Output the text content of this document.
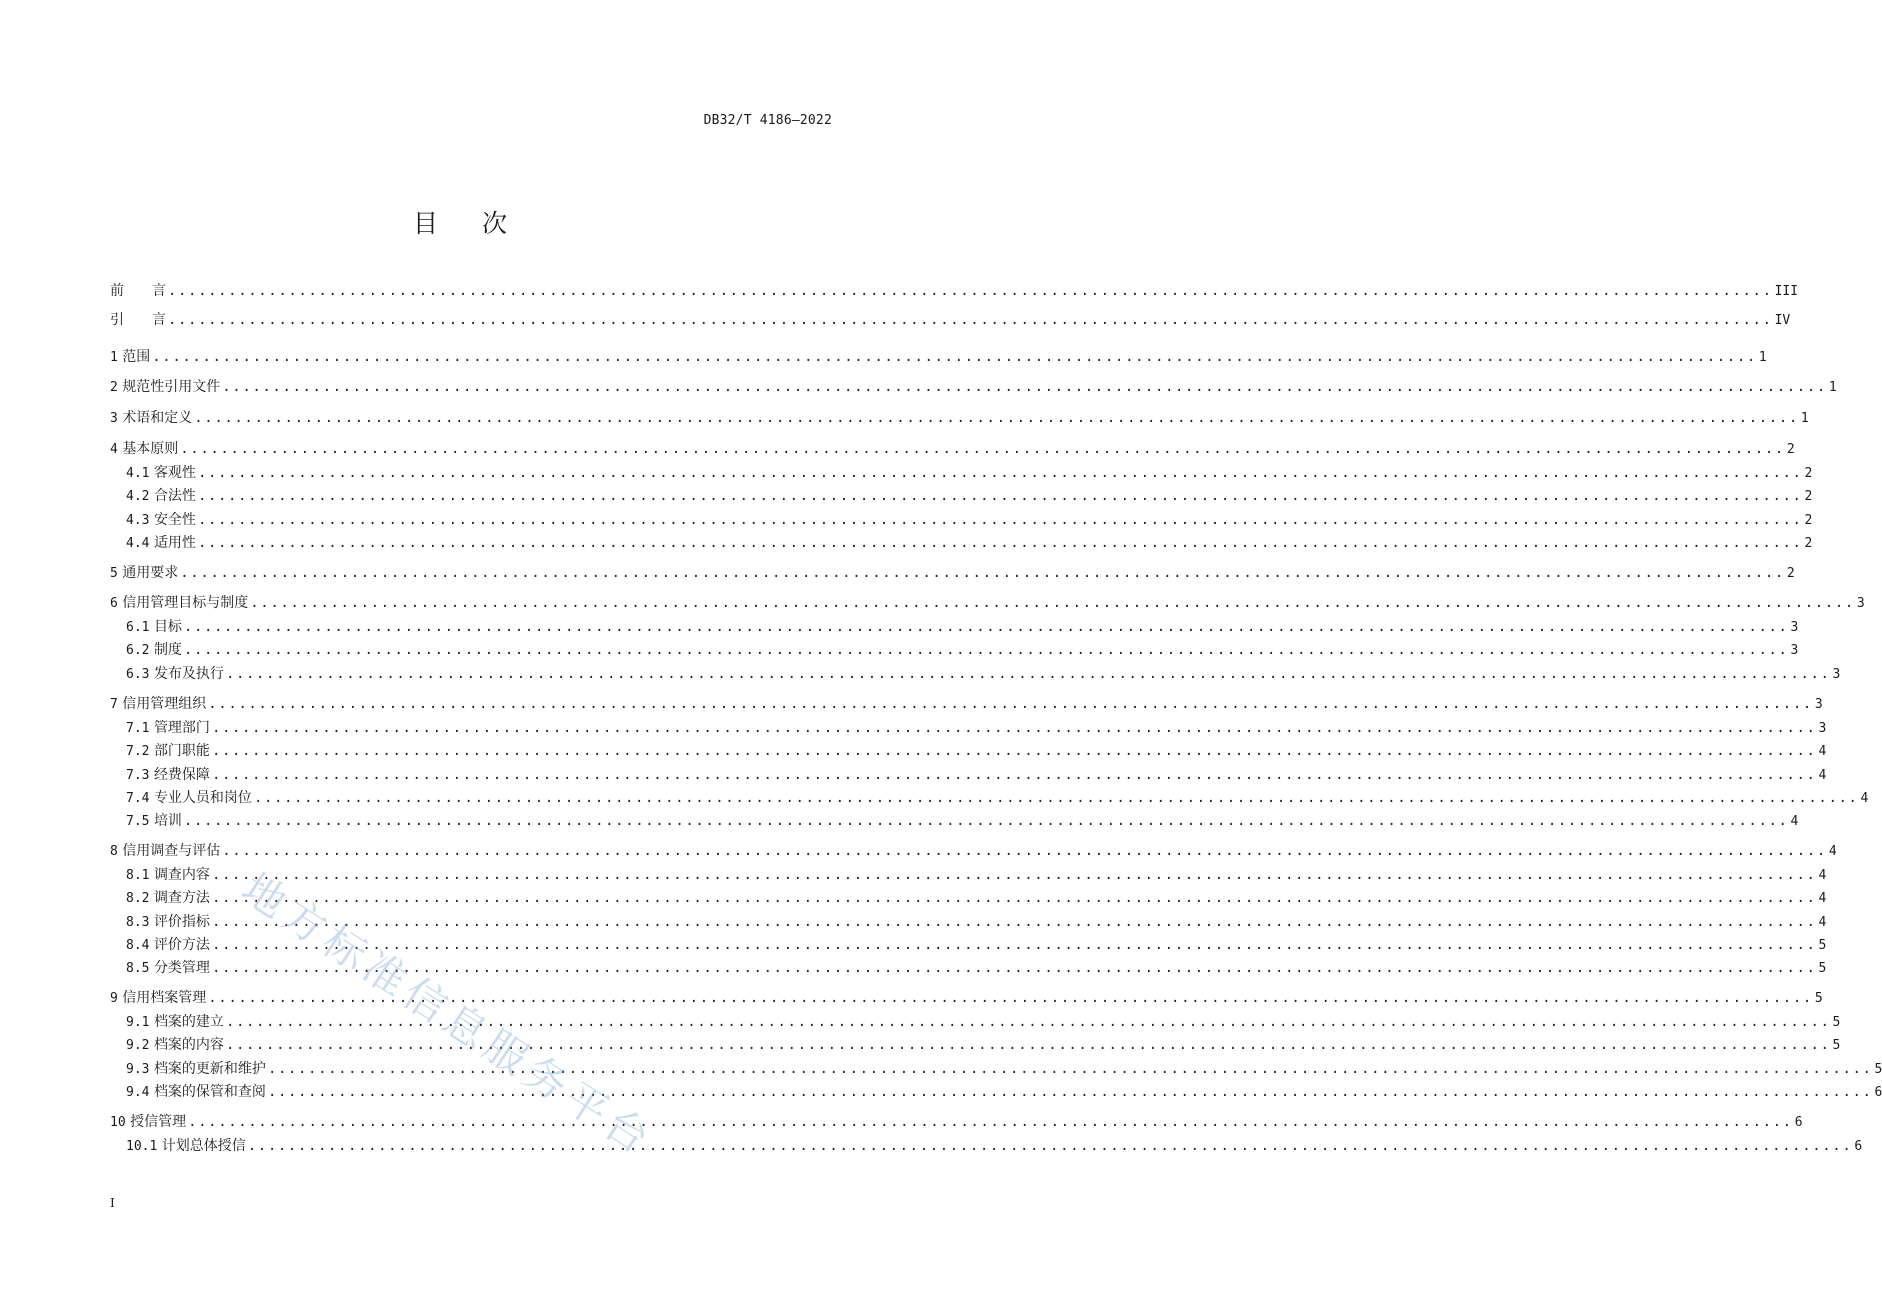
DB32/T 4186—2022
目 次
前　　言 ................................................................................................................................................................ III
引　　言 ................................................................................................................................................................ IV
1 范围 ................................................................................................................................................................ 1
2 规范性引用文件 ................................................................................................................................................................ 1
3 术语和定义 ................................................................................................................................................................ 1
4 基本原则 ................................................................................................................................................................ 2
4.1 客观性 ................................................................................................................................................................ 2
4.2 合法性 ................................................................................................................................................................ 2
4.3 安全性 ................................................................................................................................................................ 2
4.4 适用性 ................................................................................................................................................................ 2
5 通用要求 ................................................................................................................................................................ 2
6 信用管理目标与制度 ................................................................................................................................................................ 3
6.1 目标 ................................................................................................................................................................ 3
6.2 制度 ................................................................................................................................................................ 3
6.3 发布及执行 ................................................................................................................................................................ 3
7 信用管理组织 ................................................................................................................................................................ 3
7.1 管理部门 ................................................................................................................................................................ 3
7.2 部门职能 ................................................................................................................................................................ 4
7.3 经费保障 ................................................................................................................................................................ 4
7.4 专业人员和岗位 ................................................................................................................................................................ 4
7.5 培训 ................................................................................................................................................................ 4
8 信用调查与评估 ................................................................................................................................................................ 4
8.1 调查内容 ................................................................................................................................................................ 4
8.2 调查方法 ................................................................................................................................................................ 4
8.3 评价指标 ................................................................................................................................................................ 4
8.4 评价方法 ................................................................................................................................................................ 5
8.5 分类管理 ................................................................................................................................................................ 5
9 信用档案管理 ................................................................................................................................................................ 5
9.1 档案的建立 ................................................................................................................................................................ 5
9.2 档案的内容 ................................................................................................................................................................ 5
9.3 档案的更新和维护 ................................................................................................................................................................ 5
9.4 档案的保管和查阅 ................................................................................................................................................................ 6
10 授信管理 ................................................................................................................................................................ 6
10.1 计划总体授信 ................................................................................................................................................................ 6
I
地方标准信息服务平台
